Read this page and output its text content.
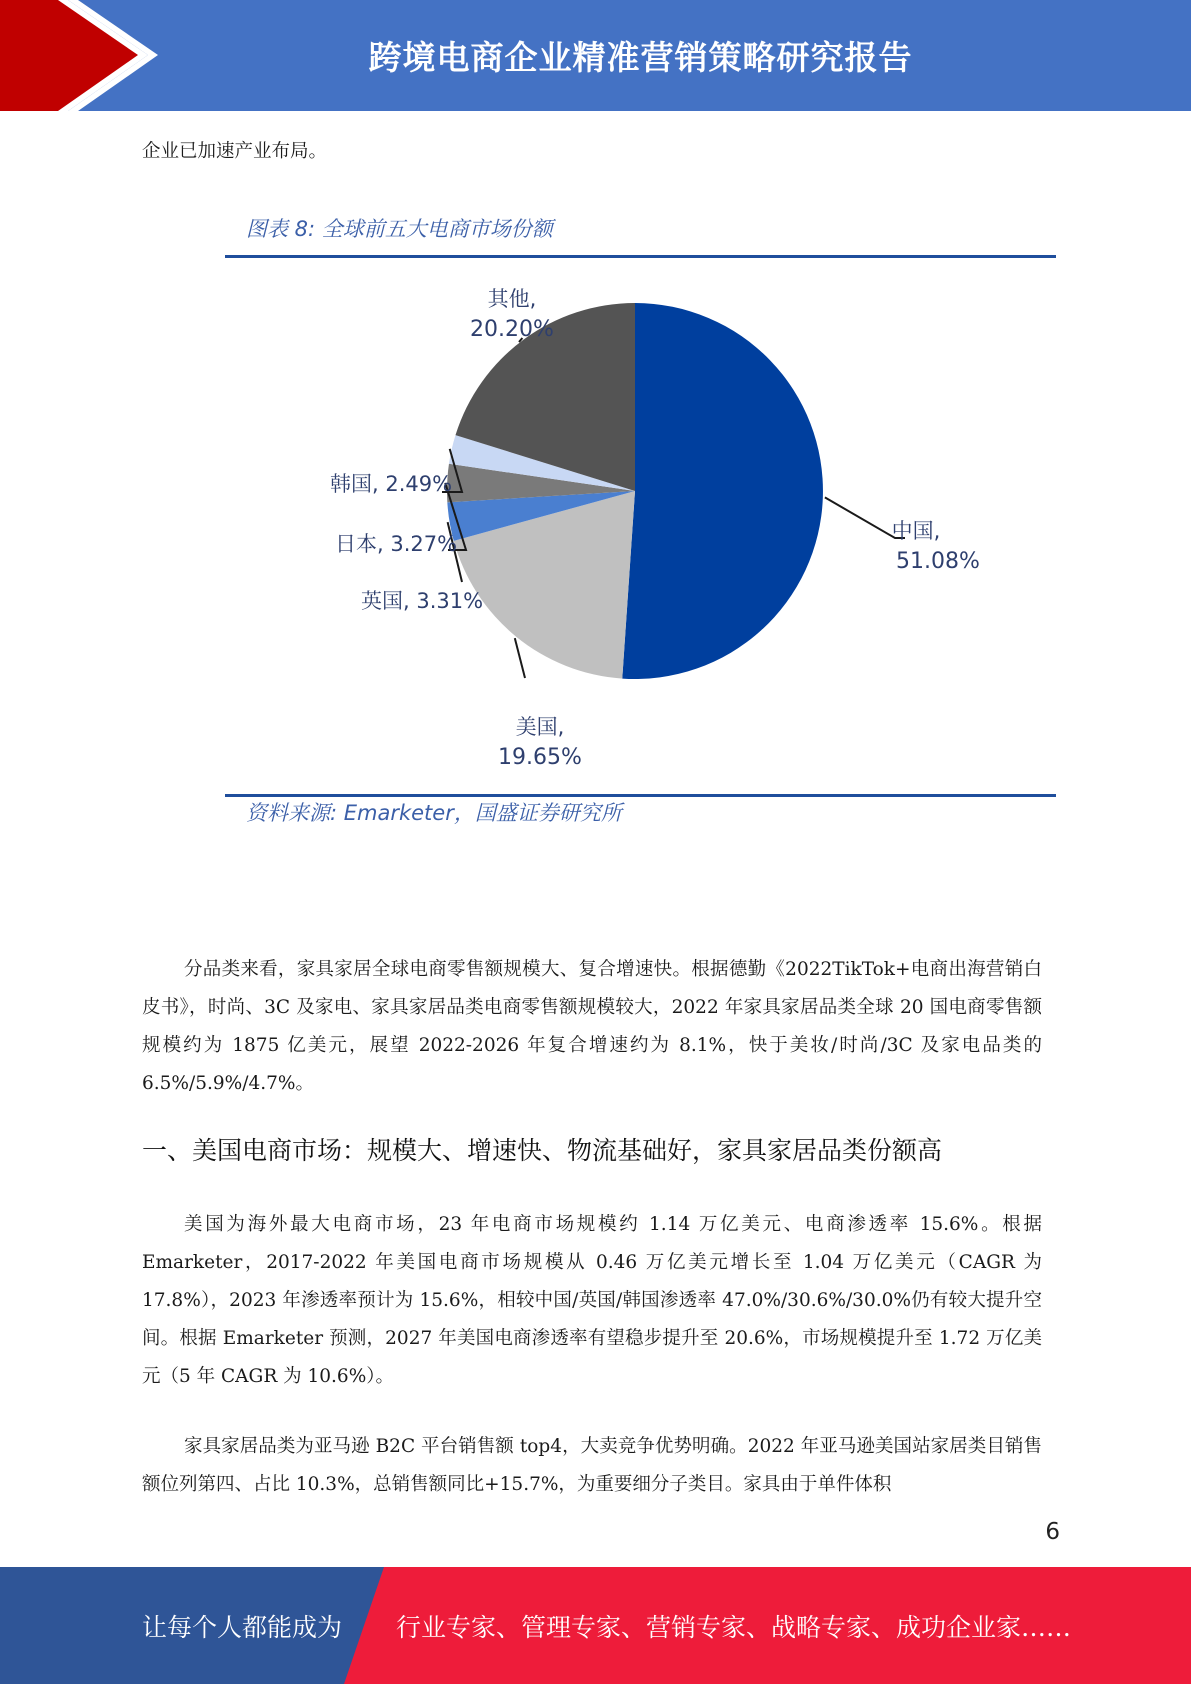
跨境电商企业精准营销策略研究报告

企业已加速产业布局。

图表 8: 全球前五大电商市场份额
中国,
51.08%
美国,
19.65%
英国, 3.31%
日本, 3.27%
韩国, 2.49%
其他,
20.20%
资料来源: Emarketer，国盛证券研究所

分品类来看，家具家居全球电商零售额规模大、复合增速快。根据德勤《2022TikTok+电商出海营销白皮书》，时尚、3C 及家电、家具家居品类电商零售额规模较大，2022 年家具家居品类全球 20 国电商零售额规模约为 1875 亿美元，展望 2022-2026 年复合增速约为 8.1%，快于美妆/时尚/3C 及家电品类的 6.5%/5.9%/4.7%。

一、美国电商市场：规模大、增速快、物流基础好，家具家居品类份额高

美国为海外最大电商市场，23 年电商市场规模约 1.14 万亿美元、电商渗透率 15.6%。根据 Emarketer，2017-2022 年美国电商市场规模从 0.46 万亿美元增长至 1.04 万亿美元（CAGR 为 17.8%），2023 年渗透率预计为 15.6%，相较中国/英国/韩国渗透率 47.0%/30.6%/30.0%仍有较大提升空间。根据 Emarketer 预测，2027 年美国电商渗透率有望稳步提升至 20.6%，市场规模提升至 1.72 万亿美元（5 年 CAGR 为 10.6%）。

家具家居品类为亚马逊 B2C 平台销售额 top4，大卖竞争优势明确。2022 年亚马逊美国站家居类目销售额位列第四、占比 10.3%，总销售额同比+15.7%，为重要细分子类目。家具由于单件体积

6
让每个人都能成为 行业专家、管理专家、营销专家、战略专家、成功企业家……
